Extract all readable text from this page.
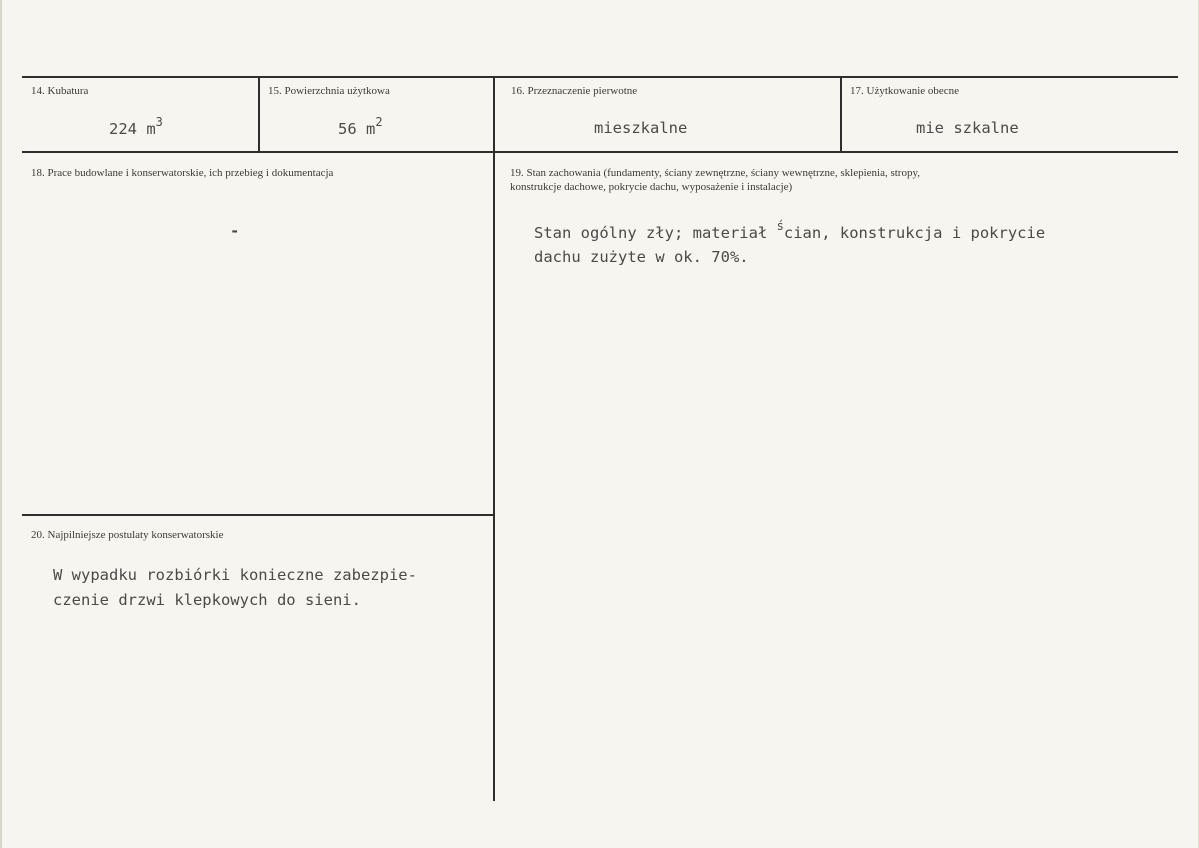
14. Kubatura
224 $m^3$
15. Powierzchnia użytkowa
56 $m^2$
16. Przeznaczenie pierwotne
mieszkalne
17. Użytkowanie obecne
mie szkalne
18. Prace budowlane i konserwatorskie, ich przebieg i dokumentacja
-
19. Stan zachowania (fundamenty, ściany zewnętrzne, ściany wewnętrzne, sklepienia, stropy,
konstrukcje dachowe, pokrycie dachu, wyposażenie i instalacje)
Stan ogólny zły; materiał $^ś$cian, konstrukcja i pokrycie
dachu zużyte w ok. 70%.
20. Najpilniejsze postulaty konserwatorskie
W wypadku rozbiórki konieczne zabezpie-
czenie drzwi klepkowych do sieni.
